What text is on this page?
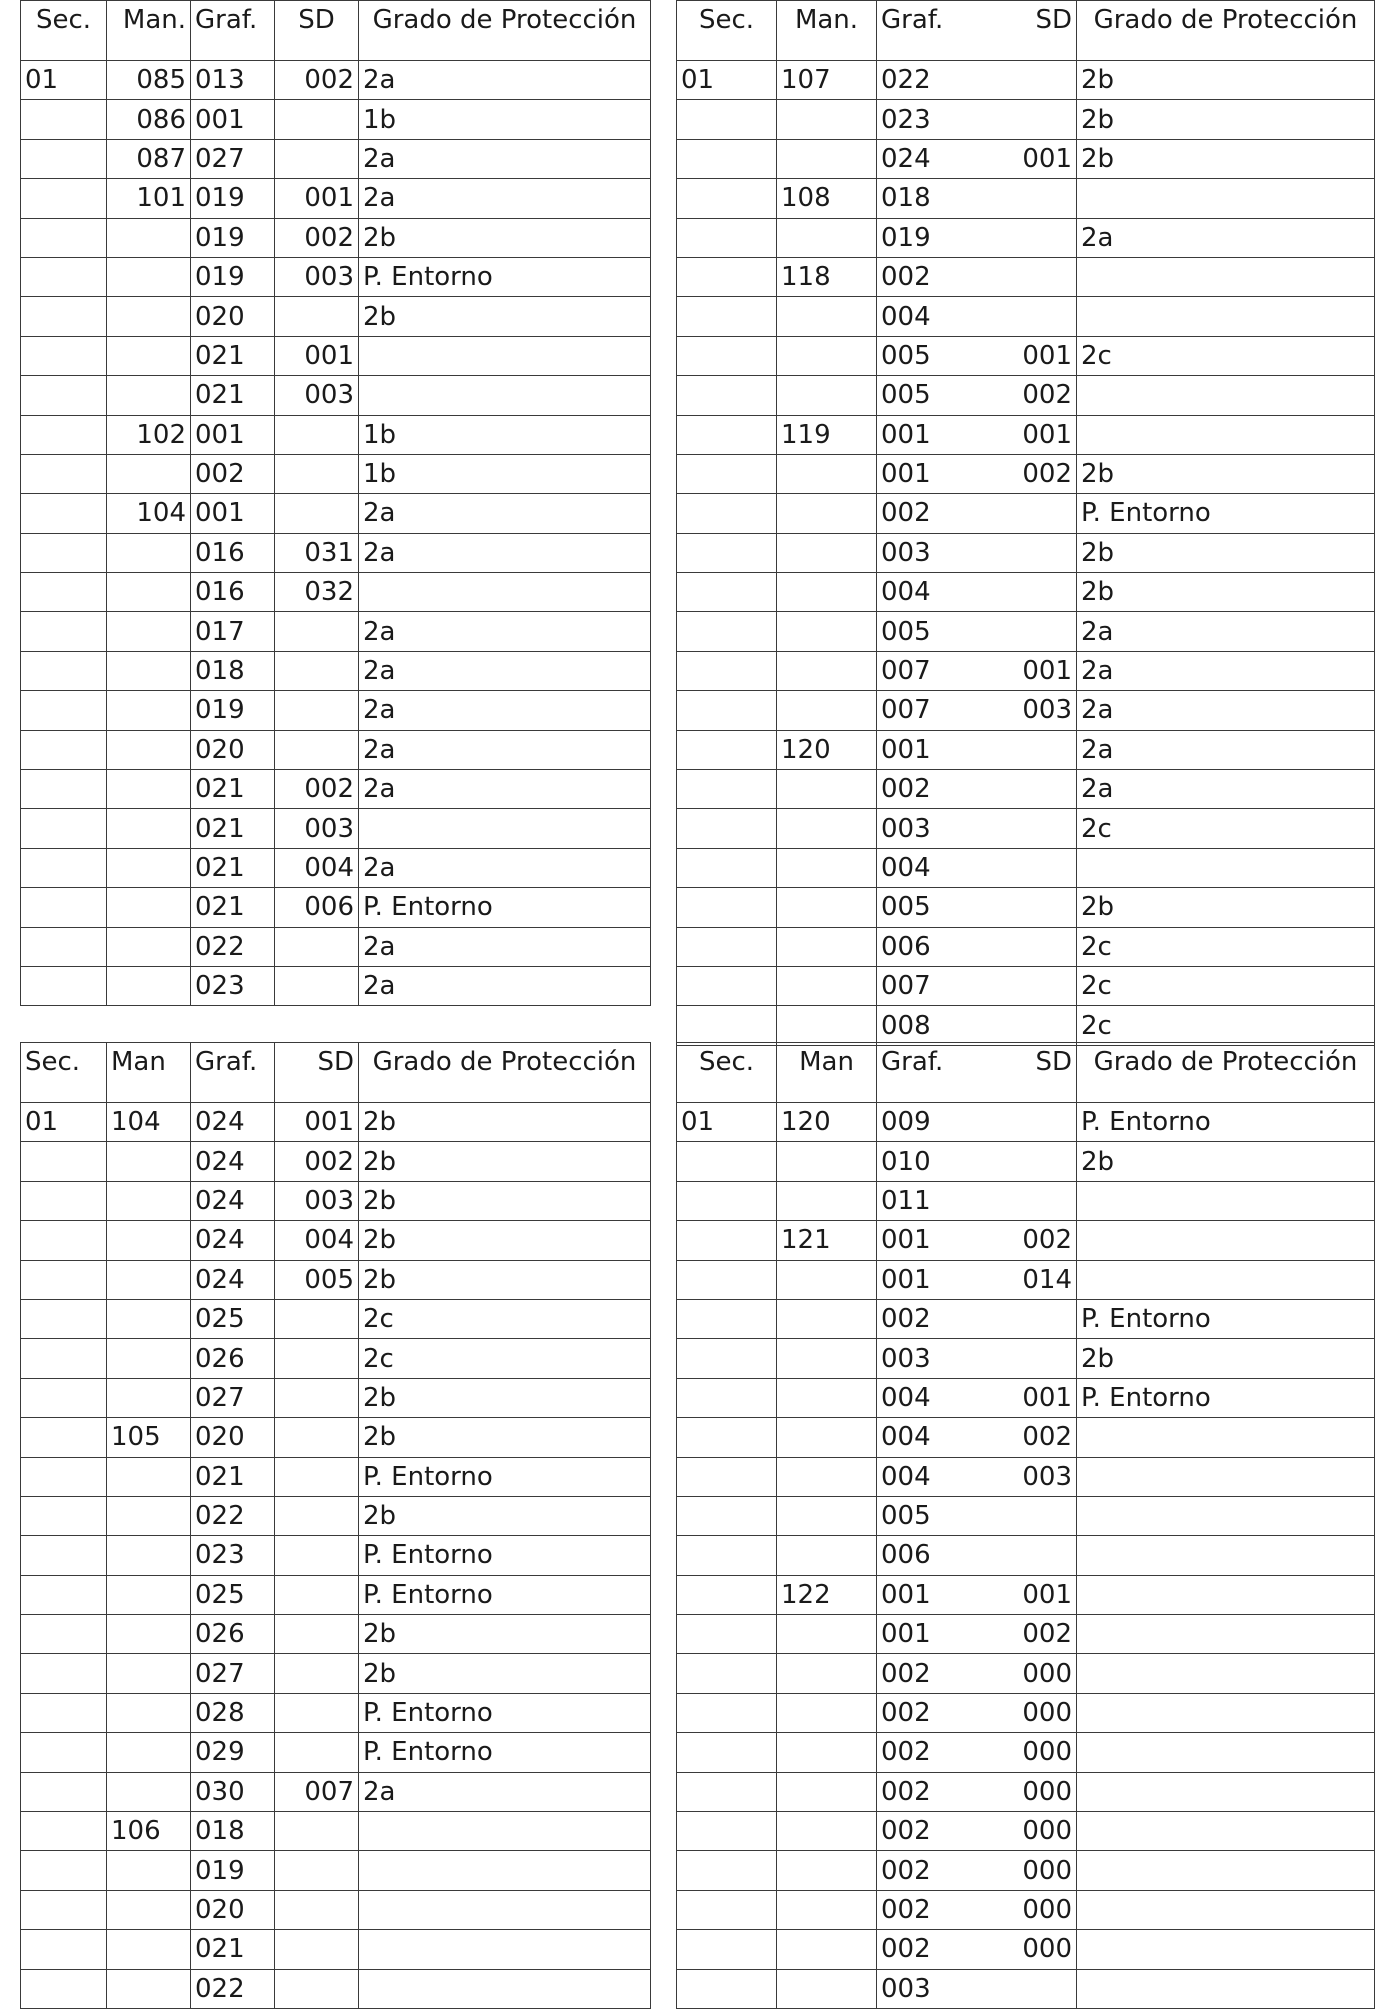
Sec.	Man.	Graf.	SD	Grado de Protección
01	085	013	002	2a
	086	001		1b
	087	027		2a
	101	019	001	2a
		019	002	2b
		019	003	P. Entorno
		020		2b
		021	001	
		021	003	
	102	001		1b
		002		1b
	104	001		2a
		016	031	2a
		016	032	
		017		2a
		018		2a
		019		2a
		020		2a
		021	002	2a
		021	003	
		021	004	2a
		021	006	P. Entorno
		022		2a
		023		2a
Sec.	Man.	Graf.	SD	Grado de Protección
01	107	022		2b
		023		2b
		024	001	2b
	108	018		
		019		2a
	118	002		
		004		
		005	001	2c
		005	002	
	119	001	001	
		001	002	2b
		002		P. Entorno
		003		2b
		004		2b
		005		2a
		007	001	2a
		007	003	2a
	120	001		2a
		002		2a
		003		2c
		004		
		005		2b
		006		2c
		007		2c
		008		2c
Sec.	Man	Graf.	SD	Grado de Protección
01	104	024	001	2b
		024	002	2b
		024	003	2b
		024	004	2b
		024	005	2b
		025		2c
		026		2c
		027		2b
	105	020		2b
		021		P. Entorno
		022		2b
		023		P. Entorno
		025		P. Entorno
		026		2b
		027		2b
		028		P. Entorno
		029		P. Entorno
		030	007	2a
	106	018		
		019		
		020		
		021		
		022		
Sec.	Man	Graf.	SD	Grado de Protección
01	120	009		P. Entorno
		010		2b
		011		
	121	001	002	
		001	014	
		002		P. Entorno
		003		2b
		004	001	P. Entorno
		004	002	
		004	003	
		005		
		006		
	122	001	001	
		001	002	
		002	000	
		002	000	
		002	000	
		002	000	
		002	000	
		002	000	
		002	000	
		002	000	
		003		
